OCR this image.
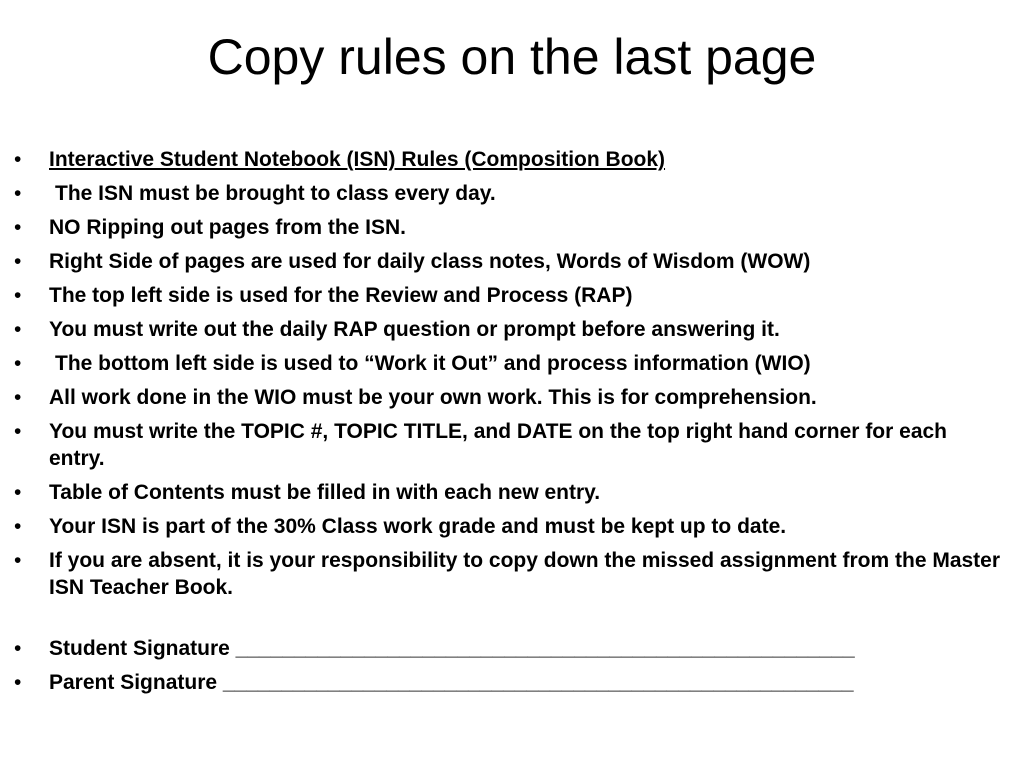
Copy rules on the last page
•	Interactive Student Notebook (ISN) Rules (Composition Book)
•	The ISN must be brought to class every day.
•	NO Ripping out pages from the ISN.
•	Right Side of pages are used for daily class notes, Words of Wisdom (WOW)
•	The top left side is used for the Review and Process (RAP)
•	You must write out the daily RAP question or prompt before answering it.
•	The bottom left side is used to “Work it Out” and process information (WIO)
•	All work done in the WIO must be your own work. This is for comprehension.
•	You must write the TOPIC #, TOPIC TITLE, and DATE on the top right hand corner for each entry.
•	Table of Contents must be filled in with each new entry.
•	Your ISN is part of the 30% Class work grade and must be kept up to date.
•	If you are absent, it is your responsibility to copy down the missed assignment from the Master ISN Teacher Book.
•	Student Signature _____________________________________________________
•	Parent Signature ______________________________________________________
